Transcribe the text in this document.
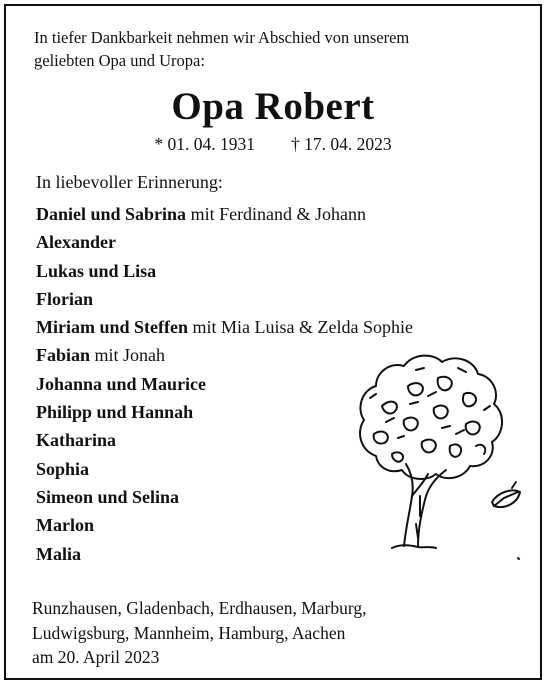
In tiefer Dankbarkeit nehmen wir Abschied von unserem
geliebten Opa und Uropa:
Opa Robert
* 01. 04. 1931 † 17. 04. 2023
In liebevoller Erinnerung:
Daniel und Sabrina mit Ferdinand & Johann
Alexander
Lukas und Lisa
Florian
Miriam und Steffen mit Mia Luisa & Zelda Sophie
Fabian mit Jonah
Johanna und Maurice
Philipp und Hannah
Katharina
Sophia
Simeon und Selina
Marlon
Malia
Runzhausen, Gladenbach, Erdhausen, Marburg,
Ludwigsburg, Mannheim, Hamburg, Aachen
am 20. April 2023
